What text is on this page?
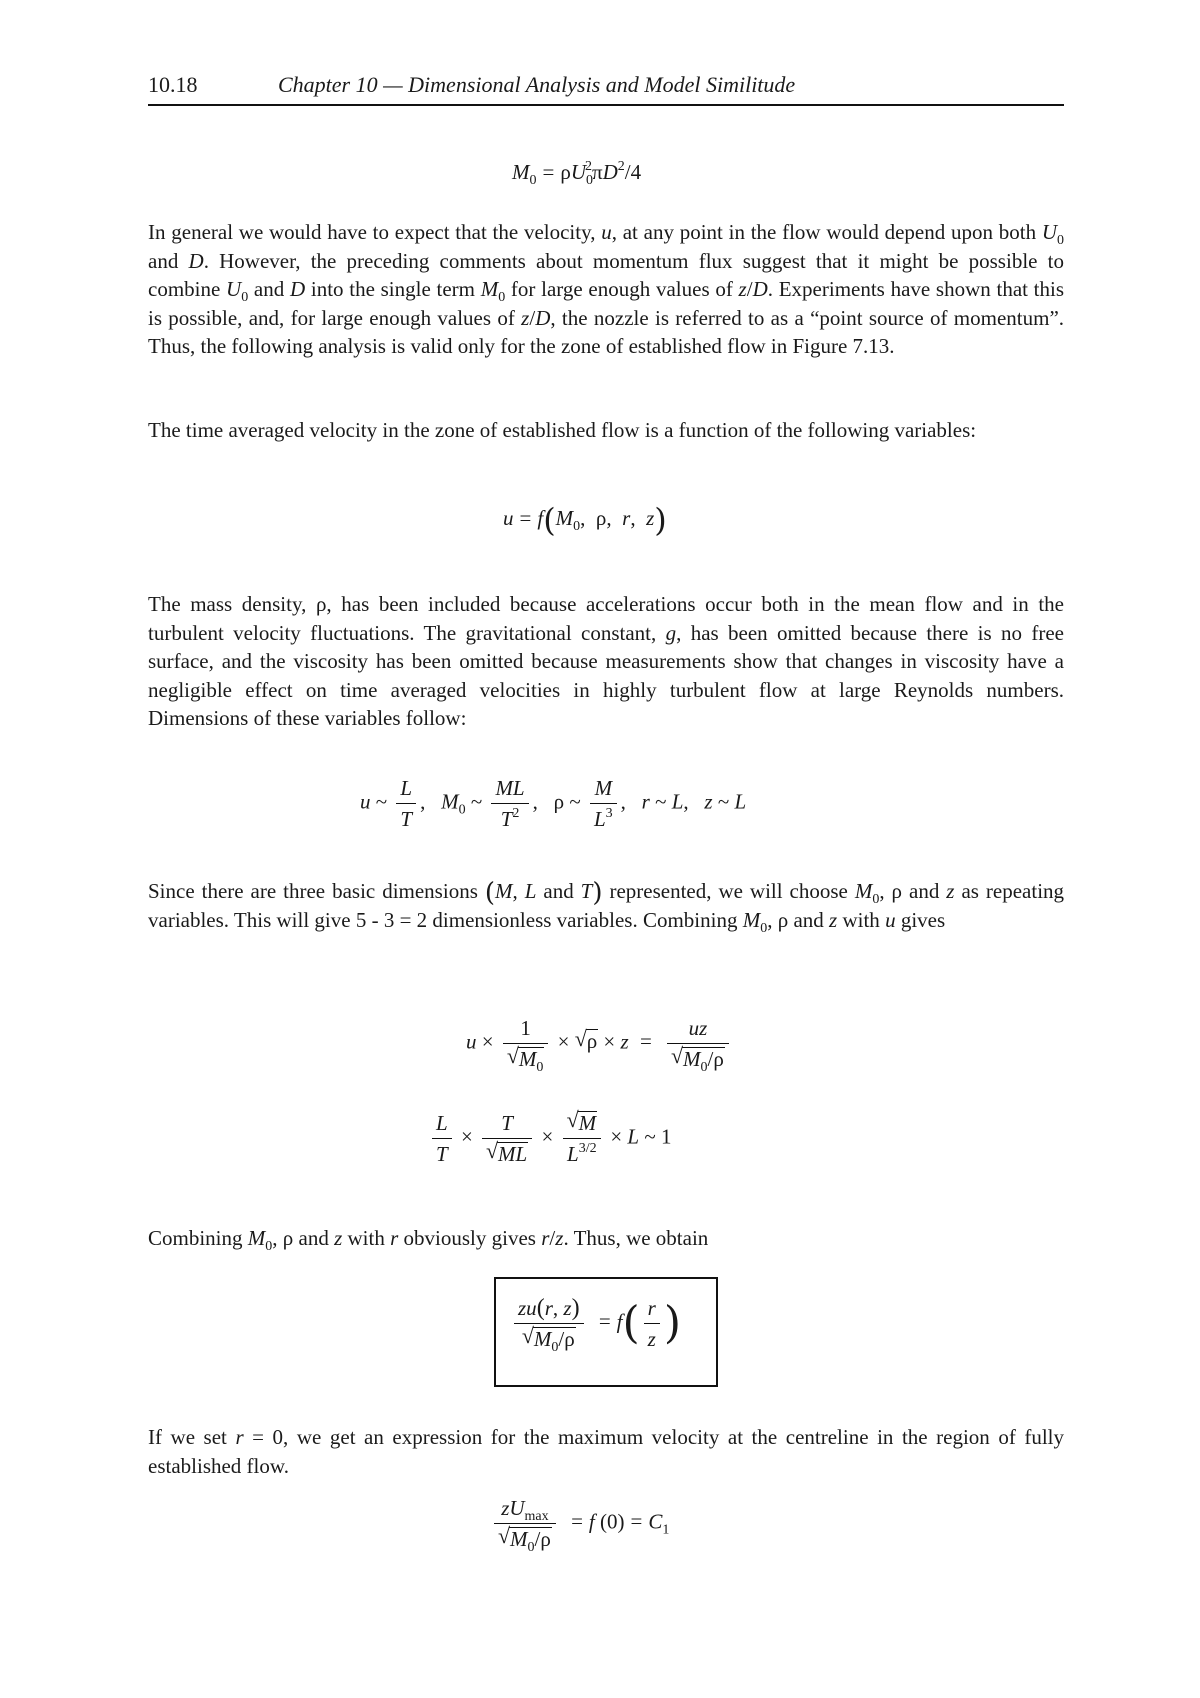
10.18	Chapter 10 — Dimensional Analysis and Model Similitude
$M_0 = \rho U_0^2\pi D^2/4$

In general we would have to expect that the velocity, u, at any point in the flow would depend upon both $U_0$ and D. However, the preceding comments about momentum flux suggest that it might be possible to combine $U_0$ and D into the single term $M_0$ for large enough values of z/D. Experiments have shown that this is possible, and, for large enough values of z/D, the nozzle is referred to as a “point source of momentum”. Thus, the following analysis is valid only for the zone of established flow in Figure 7.13.

The time averaged velocity in the zone of established flow is a function of the following variables:

$u = f(M_0$,  ρ,  r,  z)

The mass density, ρ, has been included because accelerations occur both in the mean flow and in the turbulent velocity fluctuations. The gravitational constant, g, has been omitted because there is no free surface, and the viscosity has been omitted because measurements show that changes in viscosity have a negligible effect on time averaged velocities in highly turbulent flow at large Reynolds numbers. Dimensions of these variables follow:

u ~ $\frac{L}{T}$ ,   $M_0$ ~ $\frac{ML}{T^2}$ ,   ρ ~ $\frac{M}{L^3}$ ,   r ~ L,   z ~ L

Since there are three basic dimensions (M, L and T) represented, we will choose $M_0$, ρ and z as repeating variables. This will give 5 - 3 = 2 dimensionless variables. Combining $M_0$, ρ and z with u gives

$u \times \frac{1}{√ M_0}$ × √ $\rho \times z = \frac{uz}{√ M_0/\rho}$
$\frac{L}{T} \times \frac{T}{√ ML} \times \frac{√ M}{L^{3/2}} \times L$ ~ 1

Combining $M_0$, ρ and z with r obviously gives r/z. Thus, we obtain

$\frac{zu(r, z)}{√ M_0/\rho} = f( \frac{r}{z}$ )

If we set r = 0, we get an expression for the maximum velocity at the centreline in the region of fully established flow.

$\frac{zU_{max}}{√ M_0/\rho} = f$ $(0) = C_1$
